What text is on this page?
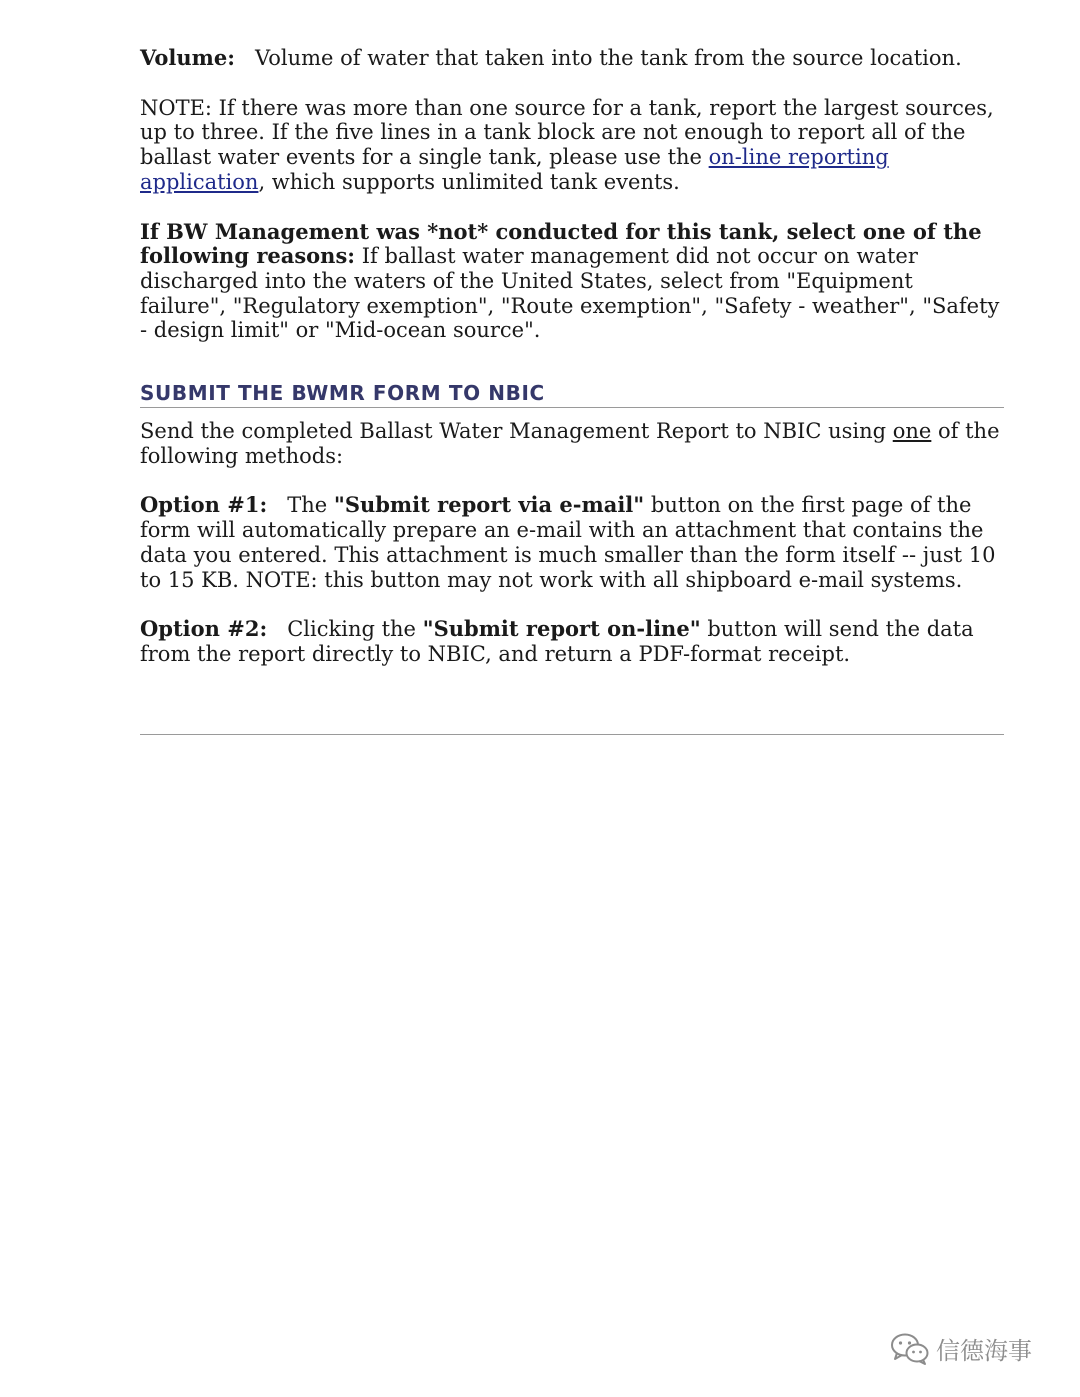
Volume: Volume of water that taken into the tank from the source location.

NOTE: If there was more than one source for a tank, report the largest sources, up to three. If the five lines in a tank block are not enough to report all of the ballast water events for a single tank, please use the on-line reporting application, which supports unlimited tank events.

If BW Management was *not* conducted for this tank, select one of the following reasons: If ballast water management did not occur on water discharged into the waters of the United States, select from "Equipment failure", "Regulatory exemption", "Route exemption", "Safety - weather", "Safety - design limit" or "Mid-ocean source".

SUBMIT THE BWMR FORM TO NBIC

Send the completed Ballast Water Management Report to NBIC using one of the following methods:

Option #1: The "Submit report via e-mail" button on the first page of the form will automatically prepare an e-mail with an attachment that contains the data you entered. This attachment is much smaller than the form itself -- just 10 to 15 KB. NOTE: this button may not work with all shipboard e-mail systems.

Option #2: Clicking the "Submit report on-line" button will send the data from the report directly to NBIC, and return a PDF-format receipt.

信德海事
